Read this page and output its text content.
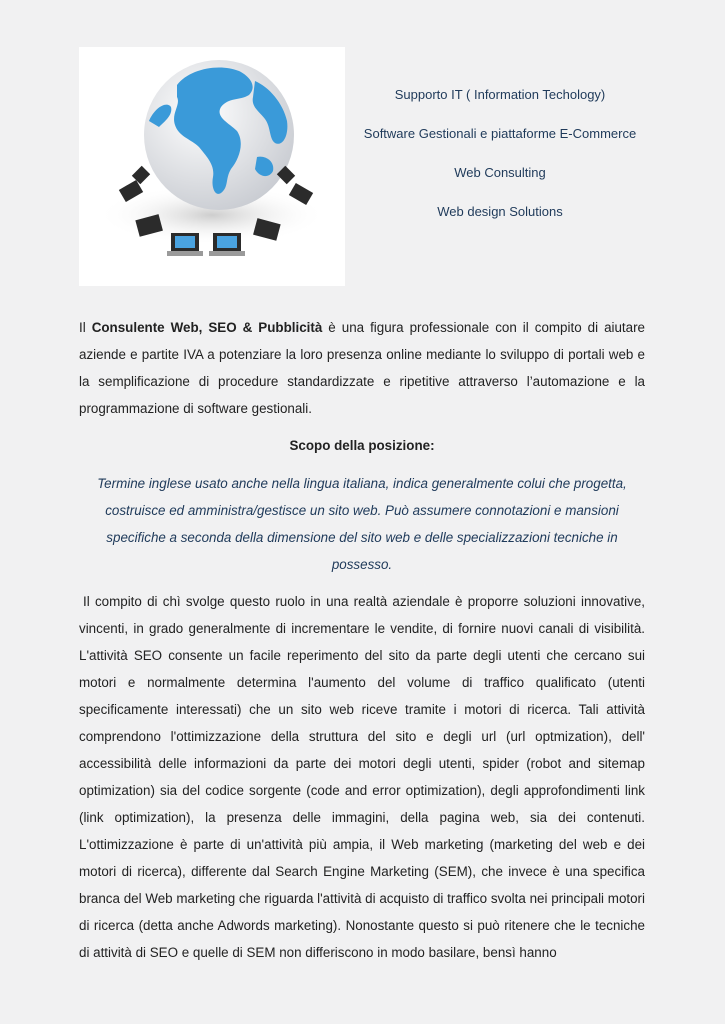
Supporto IT ( Information Techology)
Software Gestionali e piattaforme E-Commerce
Web Consulting
Web design Solutions

Il Consulente Web, SEO & Pubblicità è una figura professionale con il compito di aiutare aziende e partite IVA a potenziare la loro presenza online mediante lo sviluppo di portali web e la semplificazione di procedure standardizzate e ripetitive attraverso l’automazione e la programmazione di software gestionali.

Scopo della posizione:
Termine inglese usato anche nella lingua italiana, indica generalmente colui che progetta,
costruisce ed amministra/gestisce un sito web. Può assumere connotazioni e mansioni
specifiche a seconda della dimensione del sito web e delle specializzazioni tecniche in possesso.

Il compito di chì svolge questo ruolo in una realtà aziendale è proporre soluzioni innovative, vincenti, in grado generalmente di incrementare le vendite, di fornire nuovi canali di visibilità. L'attività SEO consente un facile reperimento del sito da parte degli utenti che cercano sui motori e normalmente determina l'aumento del volume di traffico qualificato (utenti specificamente interessati) che un sito web riceve tramite i motori di ricerca. Tali attività comprendono l'ottimizzazione della struttura del sito e degli url (url optmization), dell' accessibilità delle informazioni da parte dei motori degli utenti, spider (robot and sitemap optimization) sia del codice sorgente (code and error optimization), degli approfondimenti link (link optimization), la presenza delle immagini, della pagina web, sia dei contenuti. L'ottimizzazione è parte di un'attività più ampia, il Web marketing (marketing del web e dei motori di ricerca), differente dal Search Engine Marketing (SEM), che invece è una specifica branca del Web marketing che riguarda l'attività di acquisto di traffico svolta nei principali motori di ricerca (detta anche Adwords marketing). Nonostante questo si può ritenere che le tecniche di attività di SEO e quelle di SEM non differiscono in modo basilare, bensì hanno
